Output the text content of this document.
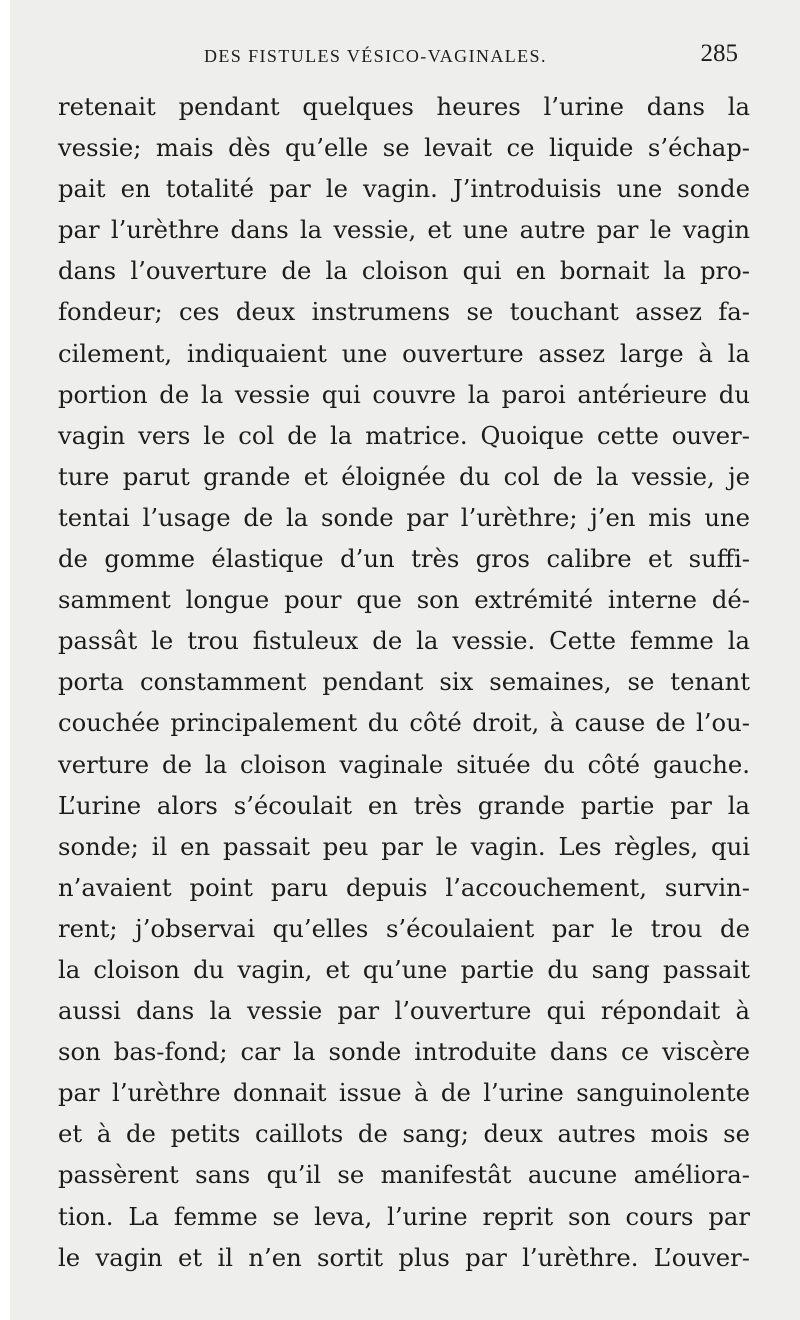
DES FISTULES VÉSICO-VAGINALES.	285
retenait pendant quelques heures l’urine dans la
vessie; mais dès qu’elle se levait ce liquide s’échap-
pait en totalité par le vagin. J’introduisis une sonde
par l’urèthre dans la vessie, et une autre par le vagin
dans l’ouverture de la cloison qui en bornait la pro-
fondeur; ces deux instrumens se touchant assez fa-
cilement, indiquaient une ouverture assez large à la
portion de la vessie qui couvre la paroi antérieure du
vagin vers le col de la matrice. Quoique cette ouver-
ture parut grande et éloignée du col de la vessie, je
tentai l’usage de la sonde par l’urèthre; j’en mis une
de gomme élastique d’un très gros calibre et suffi-
samment longue pour que son extrémité interne dé-
passât le trou fistuleux de la vessie. Cette femme la
porta constamment pendant six semaines, se tenant
couchée principalement du côté droit, à cause de l’ou-
verture de la cloison vaginale située du côté gauche.
L’urine alors s’écoulait en très grande partie par la
sonde; il en passait peu par le vagin. Les règles, qui
n’avaient point paru depuis l’accouchement, survin-
rent; j’observai qu’elles s’écoulaient par le trou de
la cloison du vagin, et qu’une partie du sang passait
aussi dans la vessie par l’ouverture qui répondait à
son bas-fond; car la sonde introduite dans ce viscère
par l’urèthre donnait issue à de l’urine sanguinolente
et à de petits caillots de sang; deux autres mois se
passèrent sans qu’il se manifestât aucune améliora-
tion. La femme se leva, l’urine reprit son cours par
le vagin et il n’en sortit plus par l’urèthre. L’ouver-
